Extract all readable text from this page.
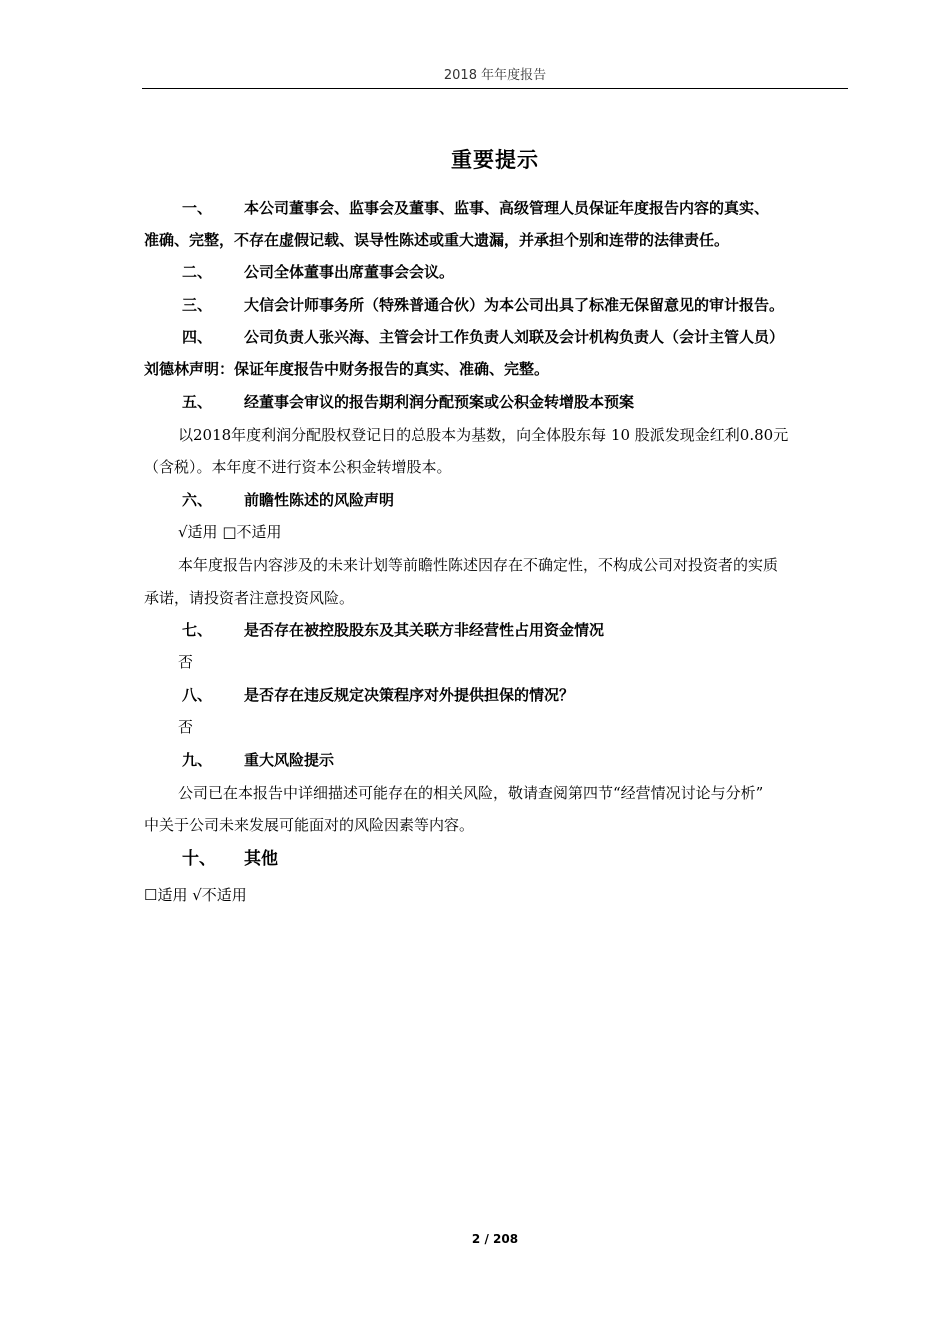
2018 年年度报告
重要提示
一、 本公司董事会、监事会及董事、监事、高级管理人员保证年度报告内容的真实、
准确、完整，不存在虚假记载、误导性陈述或重大遗漏，并承担个别和连带的法律责任。
二、 公司全体董事出席董事会会议。
三、 大信会计师事务所（特殊普通合伙）为本公司出具了标准无保留意见的审计报告。
四、 公司负责人张兴海、主管会计工作负责人刘联及会计机构负责人（会计主管人员）
刘德林声明：保证年度报告中财务报告的真实、准确、完整。
五、 经董事会审议的报告期利润分配预案或公积金转增股本预案
以2018年度利润分配股权登记日的总股本为基数，向全体股东每 10 股派发现金红利0.80元
（含税）。本年度不进行资本公积金转增股本。
六、 前瞻性陈述的风险声明
√适用 □不适用
本年度报告内容涉及的未来计划等前瞻性陈述因存在不确定性，不构成公司对投资者的实质
承诺，请投资者注意投资风险。
七、 是否存在被控股股东及其关联方非经营性占用资金情况
否
八、 是否存在违反规定决策程序对外提供担保的情况？
否
九、 重大风险提示
公司已在本报告中详细描述可能存在的相关风险，敬请查阅第四节“经营情况讨论与分析”
中关于公司未来发展可能面对的风险因素等内容。
十、 其他
☐适用 √不适用
2 / 208
